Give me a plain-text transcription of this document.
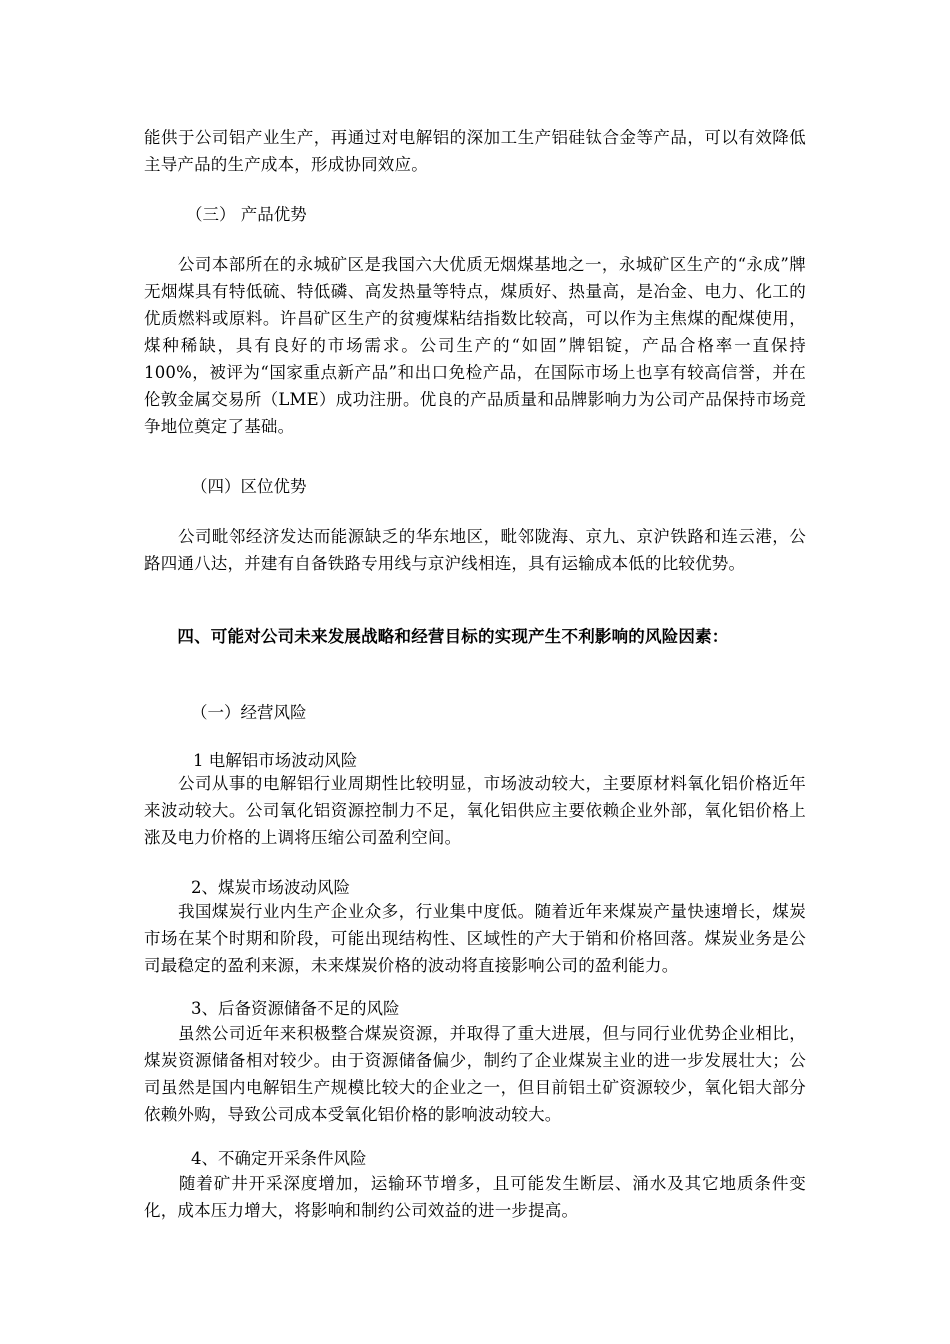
能供于公司铝产业生产，再通过对电解铝的深加工生产铝硅钛合金等产品，可以有效降低主导产品的生产成本，形成协同效应。

（三） 产品优势

　　公司本部所在的永城矿区是我国六大优质无烟煤基地之一，永城矿区生产的“永成”牌无烟煤具有特低硫、特低磷、高发热量等特点，煤质好、热量高，是冶金、电力、化工的优质燃料或原料。许昌矿区生产的贫瘦煤粘结指数比较高，可以作为主焦煤的配煤使用，煤种稀缺，具有良好的市场需求。公司生产的“如固”牌铝锭，产品合格率一直保持 100%，被评为“国家重点新产品”和出口免检产品，在国际市场上也享有较高信誉，并在伦敦金属交易所（LME）成功注册。优良的产品质量和品牌影响力为公司产品保持市场竞争地位奠定了基础。

（四）区位优势

　　公司毗邻经济发达而能源缺乏的华东地区，毗邻陇海、京九、京沪铁路和连云港，公路四通八达，并建有自备铁路专用线与京沪线相连，具有运输成本低的比较优势。

　　四、可能对公司未来发展战略和经营目标的实现产生不利影响的风险因素：

（一）经营风险

1 电解铝市场波动风险

　　公司从事的电解铝行业周期性比较明显，市场波动较大，主要原材料氧化铝价格近年来波动较大。公司氧化铝资源控制力不足，氧化铝供应主要依赖企业外部，氧化铝价格上涨及电力价格的上调将压缩公司盈利空间。

2、煤炭市场波动风险

　　我国煤炭行业内生产企业众多，行业集中度低。随着近年来煤炭产量快速增长，煤炭市场在某个时期和阶段，可能出现结构性、区域性的产大于销和价格回落。煤炭业务是公司最稳定的盈利来源，未来煤炭价格的波动将直接影响公司的盈利能力。

3、后备资源储备不足的风险

　　虽然公司近年来积极整合煤炭资源，并取得了重大进展，但与同行业优势企业相比，煤炭资源储备相对较少。由于资源储备偏少，制约了企业煤炭主业的进一步发展壮大；公司虽然是国内电解铝生产规模比较大的企业之一，但目前铝土矿资源较少，氧化铝大部分依赖外购，导致公司成本受氧化铝价格的影响波动较大。

4、不确定开采条件风险

　　随着矿井开采深度增加，运输环节增多，且可能发生断层、涌水及其它地质条件变化，成本压力增大，将影响和制约公司效益的进一步提高。
